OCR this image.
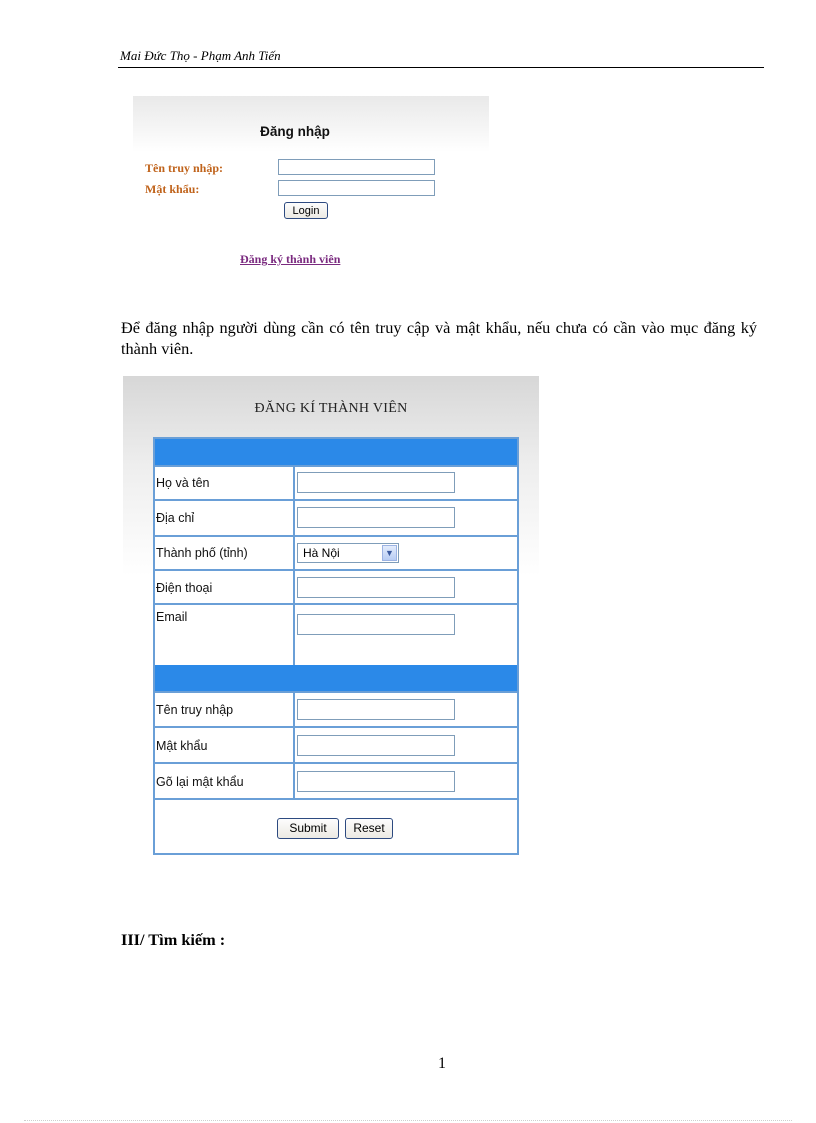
Mai Đức Thọ - Phạm Anh Tiến
Đăng nhập
Tên truy nhập:
Mật khẩu:
Login
Đăng ký thành viên
Để đăng nhập người dùng cần có tên truy cập và mật khẩu, nếu chưa có cần vào mục đăng ký thành viên.
ĐĂNG KÍ THÀNH VIÊN
Họ và tên
Địa chỉ
Thành phố (tỉnh)	Hà Nội	▼
Điện thoại
Email
Tên truy nhập
Mật khẩu
Gõ lại mật khẩu
Submit	Reset
III/ Tìm kiếm :
1
